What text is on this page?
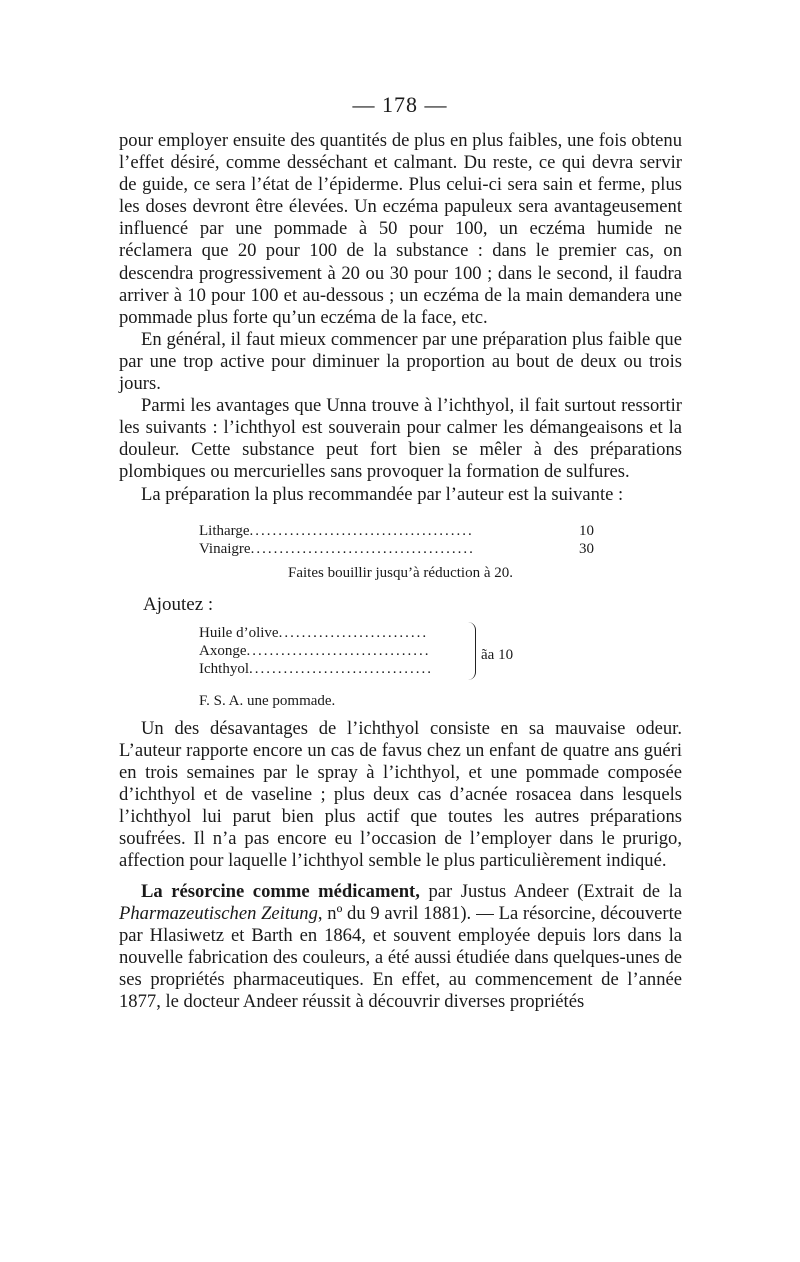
— 178 —

pour employer ensuite des quantités de plus en plus faibles, une fois obtenu l’effet désiré, comme desséchant et calmant. Du reste, ce qui devra servir de guide, ce sera l’état de l’épiderme. Plus celui-ci sera sain et ferme, plus les doses devront être élevées. Un eczéma papuleux sera avantageusement influencé par une pommade à 50 pour 100, un eczéma humide ne réclamera que 20 pour 100 de la substance : dans le premier cas, on descendra progressivement à 20 ou 30 pour 100 ; dans le second, il faudra arriver à 10 pour 100 et au-dessous ; un eczéma de la main demandera une pommade plus forte qu’un eczéma de la face, etc.

En général, il faut mieux commencer par une préparation plus faible que par une trop active pour diminuer la proportion au bout de deux ou trois jours.

Parmi les avantages que Unna trouve à l’ichthyol, il fait surtout ressortir les suivants : l’ichthyol est souverain pour calmer les démangeaisons et la douleur. Cette substance peut fort bien se mêler à des préparations plombiques ou mercurielles sans provoquer la formation de sulfures.

La préparation la plus recommandée par l’auteur est la suivante :

Litharge.......................................	10
Vinaigre.......................................	30
Faites bouillir jusqu’à réduction à 20.
Ajoutez :
Huile d’olive..........................
Axonge................................
Ichthyol................................
ãa 10
F. S. A. une pommade.

Un des désavantages de l’ichthyol consiste en sa mauvaise odeur. L’auteur rapporte encore un cas de favus chez un enfant de quatre ans guéri en trois semaines par le spray à l’ichthyol, et une pommade composée d’ichthyol et de vaseline ; plus deux cas d’acnée rosacea dans lesquels l’ichthyol lui parut bien plus actif que toutes les autres préparations soufrées. Il n’a pas encore eu l’occasion de l’employer dans le prurigo, affection pour laquelle l’ichthyol semble le plus particulièrement indiqué.

La résorcine comme médicament, par Justus Andeer (Extrait de la Pharmazeutischen Zeitung, nº du 9 avril 1881).  La résorcine, découverte par Hlasiwetz et Barth en 1864, et souvent employée depuis lors dans la nouvelle fabrication des couleurs, a été aussi étudiée dans quelques-unes de ses propriétés pharmaceutiques. En effet, au commencement de l’année 1877, le docteur Andeer réussit à découvrir diverses propriétés
